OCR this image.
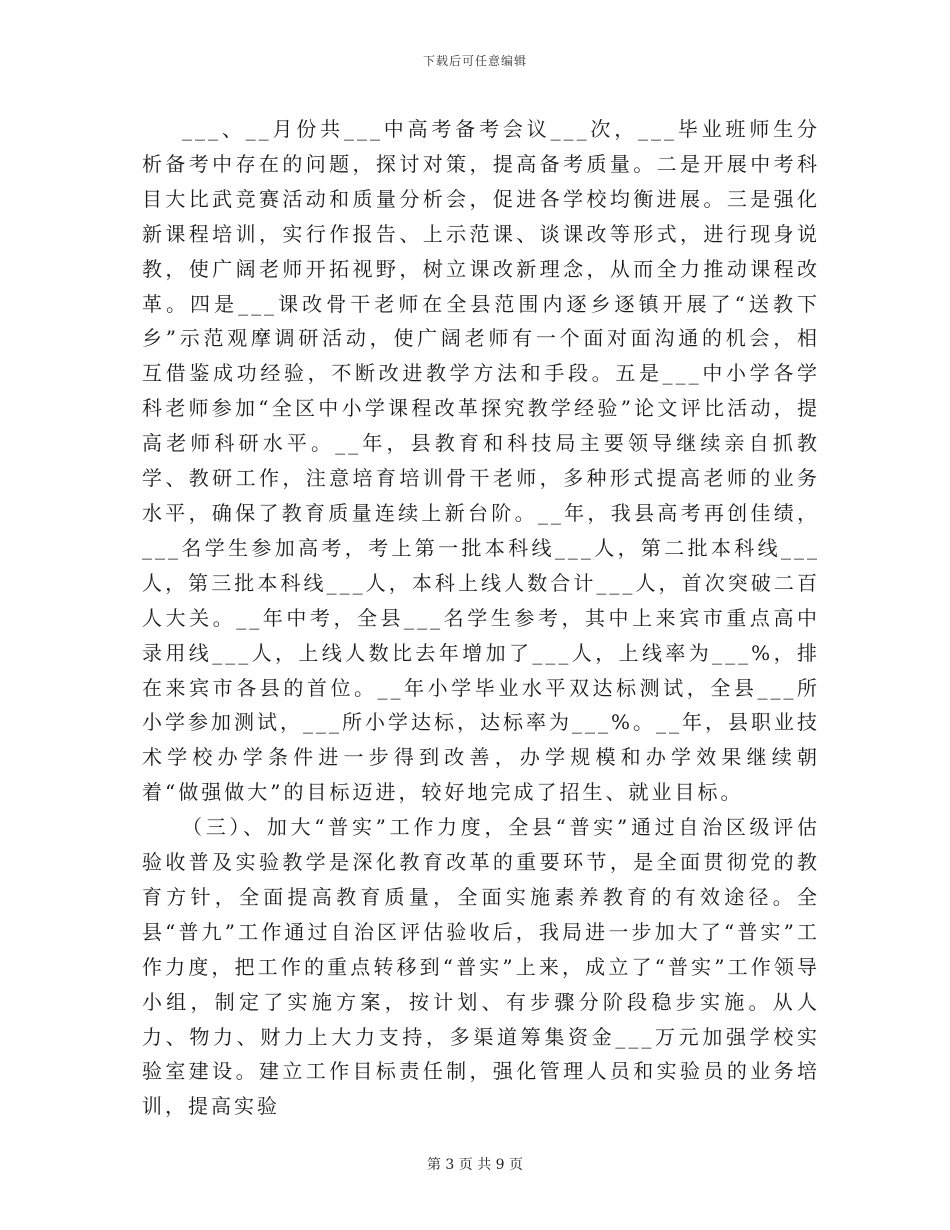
下载后可任意编辑

___、__月份共___中高考备考会议___次，___毕业班师生分析备考中存在的问题，探讨对策，提高备考质量。二是开展中考科目大比武竞赛活动和质量分析会，促进各学校均衡进展。三是强化新课程培训，实行作报告、上示范课、谈课改等形式，进行现身说教，使广阔老师开拓视野，树立课改新理念，从而全力推动课程改革。四是___课改骨干老师在全县范围内逐乡逐镇开展了“送教下乡”示范观摩调研活动，使广阔老师有一个面对面沟通的机会，相互借鉴成功经验，不断改进教学方法和手段。五是___中小学各学科老师参加“全区中小学课程改革探究教学经验”论文评比活动，提高老师科研水平。__年，县教育和科技局主要领导继续亲自抓教学、教研工作，注意培育培训骨干老师，多种形式提高老师的业务水平，确保了教育质量连续上新台阶。__年，我县高考再创佳绩，___名学生参加高考，考上第一批本科线___人，第二批本科线___人，第三批本科线___人，本科上线人数合计___人，首次突破二百人大关。__年中考，全县___名学生参考，其中上来宾市重点高中录用线___人，上线人数比去年增加了___人，上线率为___%，排在来宾市各县的首位。__年小学毕业水平双达标测试，全县___所小学参加测试，___所小学达标，达标率为___%。__年，县职业技术学校办学条件进一步得到改善，办学规模和办学效果继续朝着“做强做大”的目标迈进，较好地完成了招生、就业目标。

（三）、加大“普实”工作力度，全县“普实”通过自治区级评估验收普及实验教学是深化教育改革的重要环节，是全面贯彻党的教育方针，全面提高教育质量，全面实施素养教育的有效途径。全县“普九”工作通过自治区评估验收后，我局进一步加大了“普实”工作力度，把工作的重点转移到“普实”上来，成立了“普实”工作领导小组，制定了实施方案，按计划、有步骤分阶段稳步实施。从人力、物力、财力上大力支持，多渠道筹集资金___万元加强学校实验室建设。建立工作目标责任制，强化管理人员和实验员的业务培训，提高实验

第 3 页 共 9 页
